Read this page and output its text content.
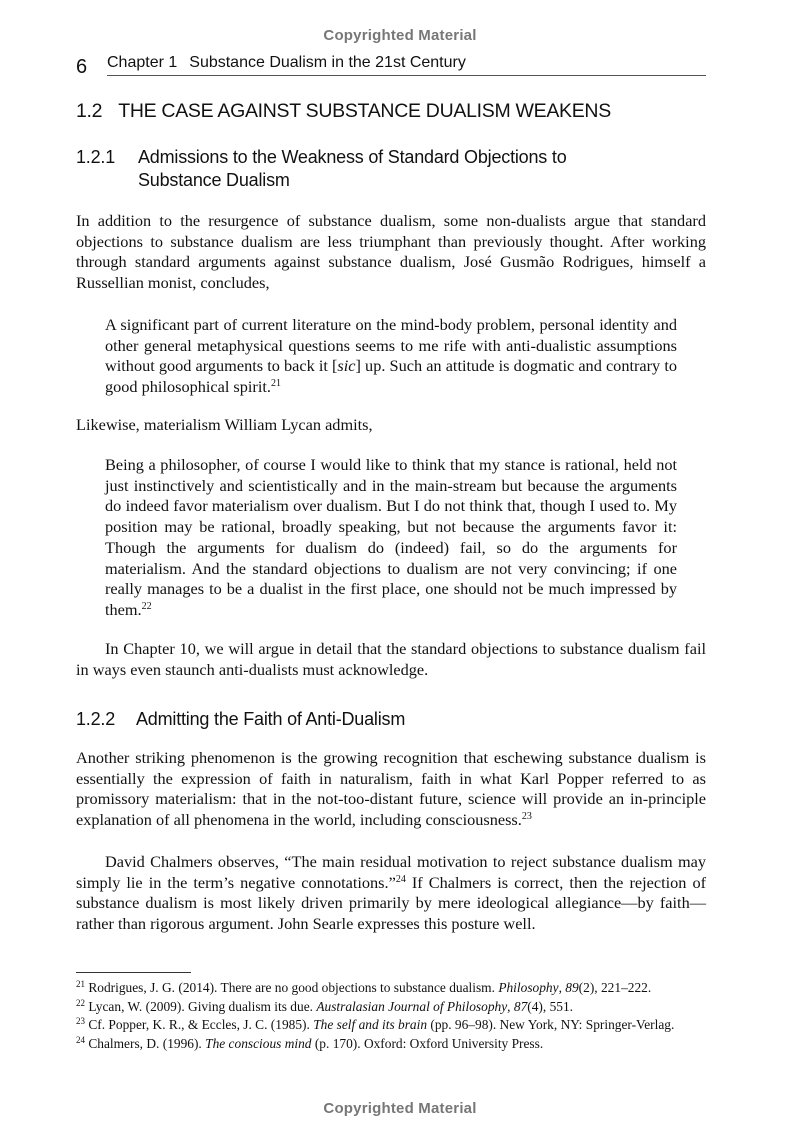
Copyrighted Material
6 Chapter 1 Substance Dualism in the 21st Century
1.2 THE CASE AGAINST SUBSTANCE DUALISM WEAKENS
1.2.1 Admissions to the Weakness of Standard Objections to
Substance Dualism

In addition to the resurgence of substance dualism, some non-dualists argue that standard objections to substance dualism are less triumphant than previously thought. After working through standard arguments against substance dualism, José Gusmão Rodrigues, himself a Russellian monist, concludes,

A significant part of current literature on the mind-body problem, personal identity and other general metaphysical questions seems to me rife with anti-dualistic assumptions without good arguments to back it [sic] up. Such an attitude is dogmatic and contrary to good philosophical spirit.$^{21}$

Likewise, materialism William Lycan admits,

Being a philosopher, of course I would like to think that my stance is rational, held not just instinctively and scientistically and in the main-stream but because the arguments do indeed favor materialism over dualism. But I do not think that, though I used to. My position may be rational, broadly speaking, but not because the arguments favor it: Though the arguments for dualism do (indeed) fail, so do the arguments for materialism. And the standard objections to dualism are not very convincing; if one really manages to be a dualist in the first place, one should not be much impressed by them.$^{22}$

In Chapter 10, we will argue in detail that the standard objections to substance dualism fail in ways even staunch anti-dualists must acknowledge.

1.2.2 Admitting the Faith of Anti-Dualism

Another striking phenomenon is the growing recognition that eschewing substance dualism is essentially the expression of faith in naturalism, faith in what Karl Popper referred to as promissory materialism: that in the not-too-distant future, science will provide an in-principle explanation of all phenomena in the world, including consciousness.$^{23}$

David Chalmers observes, “The main residual motivation to reject substance dualism may simply lie in the term’s negative connotations.”$^{24}$ If Chalmers is correct, then the rejection of substance dualism is most likely driven primarily by mere ideological allegiance—by faith—rather than rigorous argument. John Searle expresses this posture well.

$^{21}$ Rodrigues, J. G. (2014). There are no good objections to substance dualism. Philosophy, 89(2), 221–222.
$^{22}$ Lycan, W. (2009). Giving dualism its due. Australasian Journal of Philosophy, 87(4), 551.
$^{23}$ Cf. Popper, K. R., & Eccles, J. C. (1985). The self and its brain (pp. 96–98). New York, NY: Springer-Verlag.
$^{24}$ Chalmers, D. (1996). The conscious mind (p. 170). Oxford: Oxford University Press.
Copyrighted Material
